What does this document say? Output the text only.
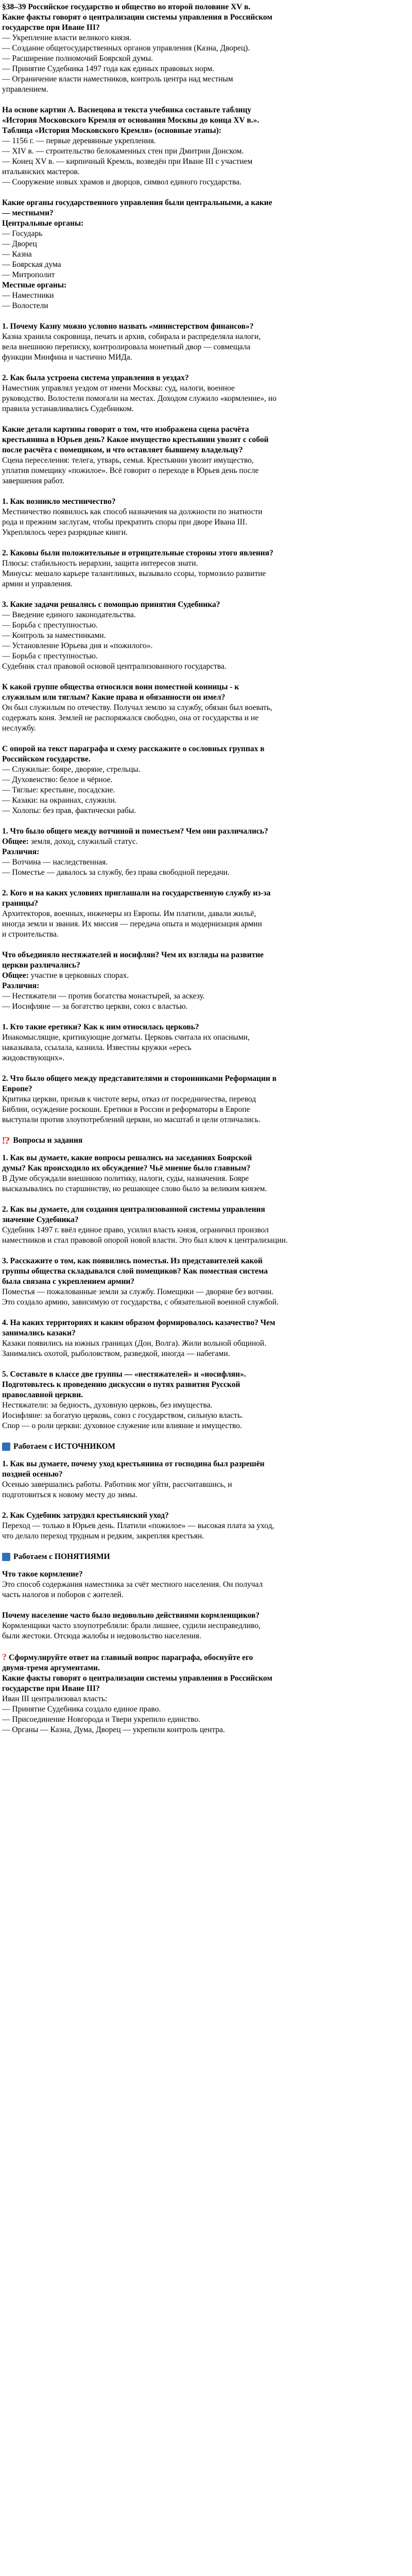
§38–39 Российское государство и общество во второй половине XV в.
Какие факты говорят о централизации системы управления в Российском
государстве при Иване III?
— Укрепление власти великого князя.
— Создание общегосударственных органов управления (Казна, Дворец).
— Расширение полномочий Боярской думы.
— Принятие Судебника 1497 года как единых правовых норм.
— Ограничение власти наместников, контроль центра над местным
управлением.
На основе картин А. Васнецова и текста учебника составьте таблицу
«История Московского Кремля от основания Москвы до конца XV в.».
Таблица «История Московского Кремля» (основные этапы):
— 1156 г. — первые деревянные укрепления.
— XIV в. — строительство белокаменных стен при Дмитрии Донском.
— Конец XV в. — кирпичный Кремль, возведён при Иване III с участием
итальянских мастеров.
— Сооружение новых храмов и дворцов, символ единого государства.
Какие органы государственного управления были центральными, а какие
— местными?
Центральные органы:
— Государь
— Дворец
— Казна
— Боярская дума
— Митрополит
Местные органы:
— Наместники
— Волостели
1. Почему Казну можно условно назвать «министерством финансов»?
Казна хранила сокровища, печать и архив, собирала и распределяла налоги,
вела внешнюю переписку, контролировала монетный двор — совмещала
функции Минфина и частично МИДа.
2. Как была устроена система управления в уездах?
Наместник управлял уездом от имени Москвы: суд, налоги, военное
руководство. Волостели помогали на местах. Доходом служило «кормление», но
правила устанавливались Судебником.
Какие детали картины говорят о том, что изображена сцена расчёта
крестьянина в Юрьев день? Какое имущество крестьянин увозит с собой
после расчёта с помещиком, и что оставляет бывшему владельцу?
Сцена переселения: телега, утварь, семья. Крестьянин увозит имущество,
уплатив помещику «пожилое». Всё говорит о переходе в Юрьев день после
завершения работ.
1. Как возникло местничество?
Местничество появилось как способ назначения на должности по знатности
рода и прежним заслугам, чтобы прекратить споры при дворе Ивана III.
Укреплялось через разрядные книги.
2. Каковы были положительные и отрицательные стороны этого явления?
Плюсы: стабильность иерархии, защита интересов знати.
Минусы: мешало карьере талантливых, вызывало ссоры, тормозило развитие
армии и управления.
3. Какие задачи решались с помощью принятия Судебника?
— Введение единого законодательства.
— Борьба с преступностью.
— Контроль за наместниками.
— Установление Юрьева дня и «пожилого».
— Борьба с преступностью.
Судебник стал правовой основой централизованного государства.
К какой группе общества относился воин поместной конницы - к
служилым или тяглым? Какие права и обязанности он имел?
Он был служилым по отечеству. Получал землю за службу, обязан был воевать,
содержать коня. Землей не распоряжался свободно, она от государства и не
неслужбу.
С опорой на текст параграфа и схему расскажите о сословных группах в
Российском государстве.
— Служилые: бояре, дворяне, стрельцы.
— Духовенство: белое и чёрное.
— Тяглые: крестьяне, посадские.
— Казаки: на окраинах, служили.
— Холопы: без прав, фактически рабы.
1. Что было общего между вотчиной и поместьем? Чем они различались?
Общее: земля, доход, служилый статус.
Различия:
— Вотчина — наследственная.
— Поместье — давалось за службу, без права свободной передачи.
2. Кого и на каких условиях приглашали на государственную службу из-за
границы?
Архитекторов, военных, инженеры из Европы. Им платили, давали жильё,
иногда земли и звания. Их миссия — передача опыта и модернизация армии
и строительства.
Что объединяло нестяжателей и иосифлян? Чем их взгляды на развитие
церкви различались?
Общее: участие в церковных спорах.
Различия:
— Нестяжатели — против богатства монастырей, за аскезу.
— Иосифляне — за богатство церкви, союз с властью.
1. Кто такие еретики? Как к ним относилась церковь?
Инакомыслящие, критикующие догматы. Церковь считала их опасными,
наказывала, ссылала, казнила. Известны кружки «ересь
жидовствующих».
2. Что было общего между представителями и сторонниками Реформации в
Европе?
Критика церкви, призыв к чистоте веры, отказ от посредничества, перевод
Библии, осуждение роскоши. Еретики в России и реформаторы в Европе
выступали против злоупотреблений церкви, но масштаб и цели отличались.
⁉ Вопросы и задания
1. Как вы думаете, какие вопросы решались на заседаниях Боярской
думы? Как происходило их обсуждение? Чьё мнение было главным?
В Думе обсуждали внешнюю политику, налоги, суды, назначения. Бояре
высказывались по старшинству, но решающее слово было за великим князем.
2. Как вы думаете, для создания централизованной системы управления
значение Судебника?
Судебник 1497 г. ввёл единое право, усилил власть князя, ограничил произвол
наместников и стал правовой опорой новой власти. Это был ключ к централизации.
3. Расскажите о том, как появились поместья. Из представителей какой
группы общества складывался слой помещиков? Как поместная система
была связана с укреплением армии?
Поместья — пожалованные земли за службу. Помещики — дворяне без вотчин.
Это создало армию, зависимую от государства, с обязательной военной службой.
4. На каких территориях и каким образом формировалось казачество? Чем
занимались казаки?
Казаки появились на южных границах (Дон, Волга). Жили вольной общиной.
Занимались охотой, рыболовством, разведкой, иногда — набегами.
5. Составьте в классе две группы — «нестяжателей» и «иосифлян».
Подготовьтесь к проведению дискуссии о путях развития Русской
православной церкви.
Нестяжатели: за бедность, духовную церковь, без имущества.
Иосифляне: за богатую церковь, союз с государством, сильную власть.
Спор — о роли церкви: духовное служение или влияние и имущество.
Работаем с ИСТОЧНИКОМ
1. Как вы думаете, почему уход крестьянина от господина был разрешён
поздней осенью?
Осенью завершались работы. Работник мог уйти, рассчитавшись, и
подготовиться к новому месту до зимы.
2. Как Судебник затрудил крестьянский уход?
Переход — только в Юрьев день. Платили «пожилое» — высокая плата за уход,
что делало переход трудным и редким, закрепляя крестьян.
Работаем с ПОНЯТИЯМИ
Что такое кормление?
Это способ содержания наместника за счёт местного населения. Он получал
часть налогов и поборов с жителей.
Почему население часто было недовольно действиями кормленщиков?
Кормленщики часто злоупотребляли: брали лишнее, судили несправедливо,
были жестоки. Отсюда жалобы и недовольство населения.
? Сформулируйте ответ на главный вопрос параграфа, обоснуйте его
двумя-тремя аргументами.
Какие факты говорят о централизации системы управления в Российском
государстве при Иване III?
Иван III централизовал власть:
— Принятие Судебника создало единое право.
— Присоединение Новгорода и Твери укрепило единство.
— Органы — Казна, Дума, Дворец — укрепили контроль центра.
